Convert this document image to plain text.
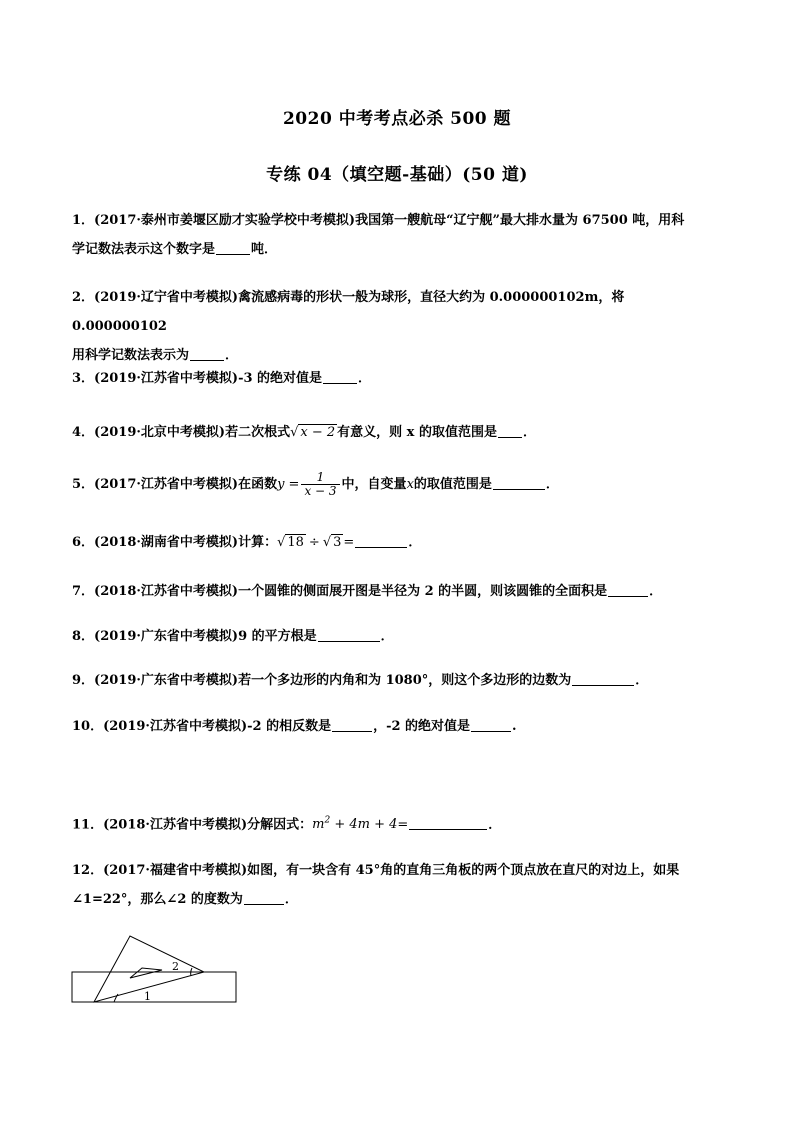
2020 中考考点必杀 500 题
专练 04（填空题-基础）(50 道)
1．(2017·泰州市姜堰区励才实验学校中考模拟)我国第一艘航母“辽宁舰”最大排水量为 67500 吨，用科
学记数法表示这个数字是	吨．
2．(2019·辽宁省中考模拟)禽流感病毒的形状一般为球形，直径大约为 0.000000102m，将 0.000000102
用科学记数法表示为	．
3．(2019·江苏省中考模拟)-3 的绝对值是	．
4．(2019·北京中考模拟)若二次根式√ x − 2 有意义，则 x 的取值范围是 ．
5．(2017·江苏省中考模拟)在函数$y = \frac{1}{x - 3}$ 中，自变量x的取值范围是	．
6．(2018·湖南省中考模拟)计算：√ 18 ÷ √ 3 =	．
7．(2018·江苏省中考模拟)一个圆锥的侧面展开图是半径为 2 的半圆，则该圆锥的全面积是	．
8．(2019·广东省中考模拟)9 的平方根是	．
9．(2019·广东省中考模拟)若一个多边形的内角和为 1080°，则这个多边形的边数为	．
10．(2019·江苏省中考模拟)-2 的相反数是	，-2 的绝对值是	.
11．(2018·江苏省中考模拟)分解因式：$m^2 + 4m + 4=$	．
12．(2017·福建省中考模拟)如图，有一块含有 45°角的直角三角板的两个顶点放在直尺的对边上，如果
∠1=22°，那么∠2 的度数为	．
1
2
